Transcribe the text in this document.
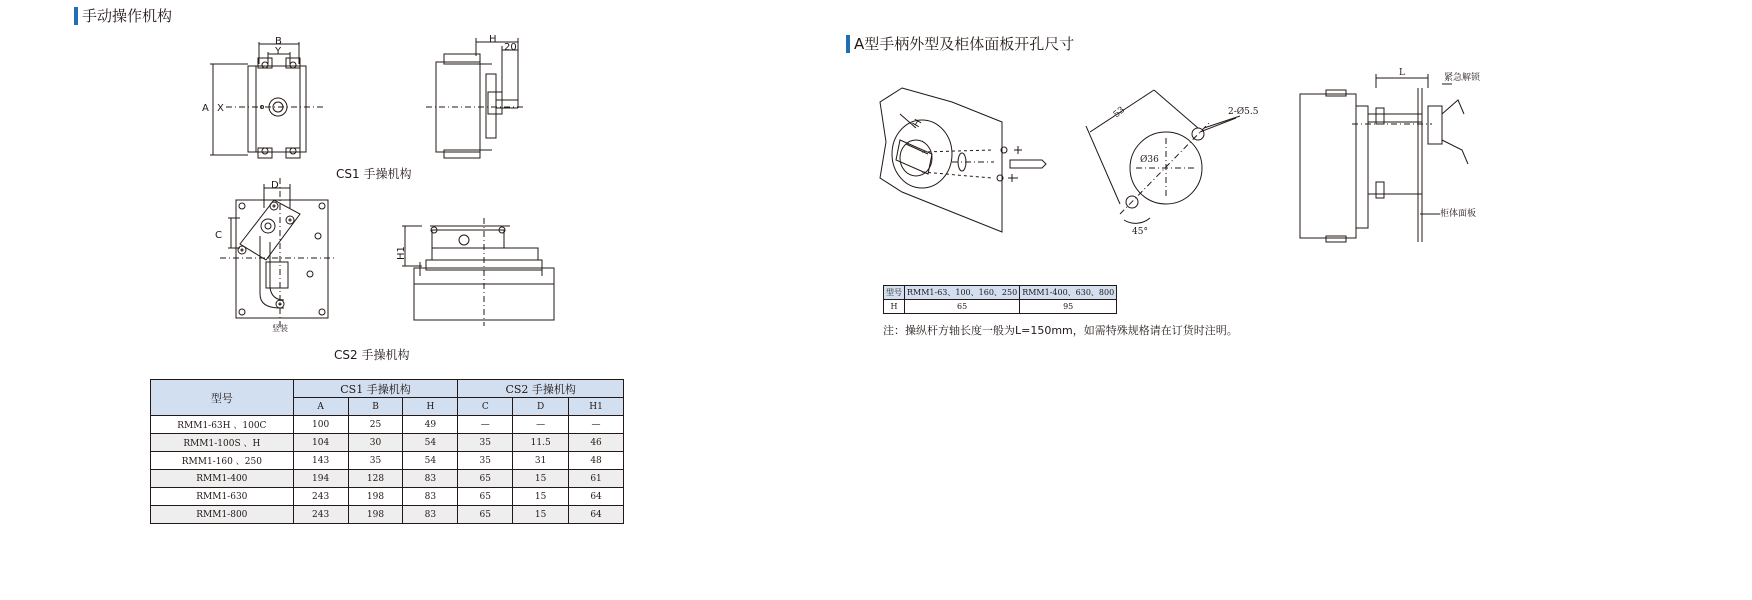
手动操作机构
B
Y
A X
H
20
CS1 手操机构
D
C
竖装
H1
CS2 手操机构
型号	CS1 手操机构			CS2 手操机构		
	A	B	H	C	D	H1
RMM1-63H 、100C	100	25	49	—	—	—
RMM1-100S 、H	104	30	54	35	11.5	46
RMM1-160 、250	143	35	54	35	31	48
RMM1-400	194	128	83	65	15	61
RMM1-630	243	198	83	65	15	64
RMM1-800	243	198	83	65	15	64
A型手柄外型及柜体面板开孔尺寸
H
53	2-Ø5.5
Ø36
45°
L	紧急解锁
柜体面板
型号	RMM1-63、100、160、250	RMM1-400、630、800
H	65	95
注：操纵杆方轴长度一般为L=150mm，如需特殊规格请在订货时注明。
